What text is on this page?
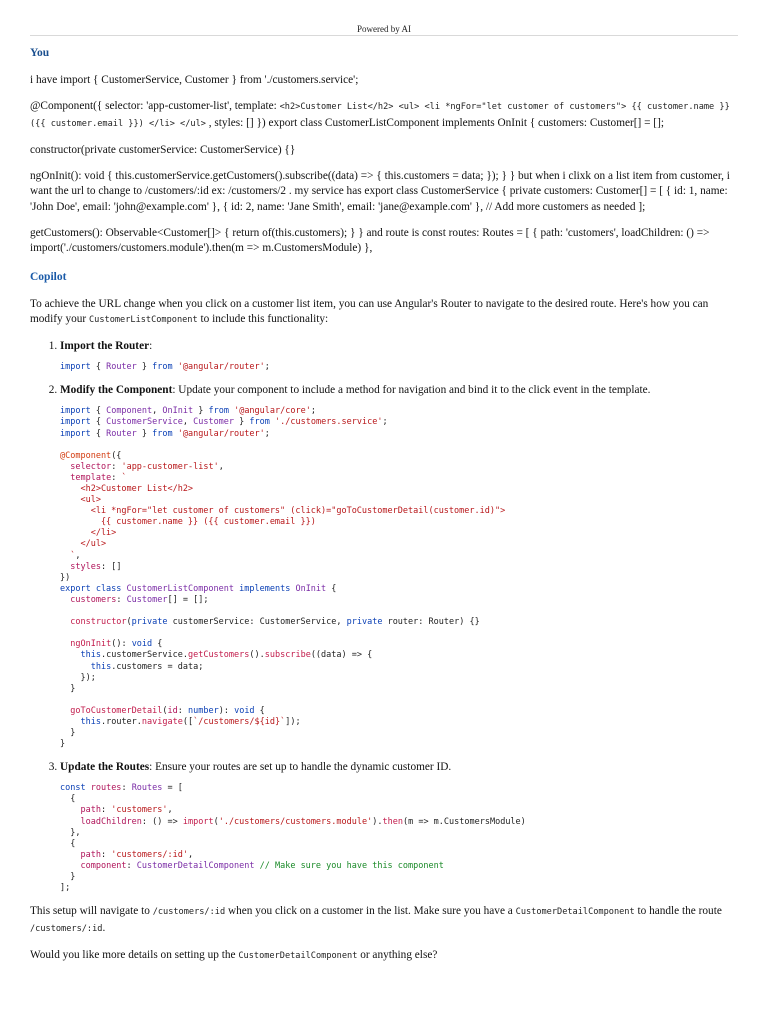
Powered by AI
You

i have import { CustomerService, Customer } from './customers.service';

@Component({ selector: 'app-customer-list', template: <h2>Customer List</h2> <ul> <li *ngFor="let customer of customers"> {{ customer.name }} ({{ customer.email }}) </li> </ul> , styles: [] }) export class CustomerListComponent implements OnInit { customers: Customer[] = [];

constructor(private customerService: CustomerService) {}

ngOnInit(): void { this.customerService.getCustomers().subscribe((data) => { this.customers = data; }); } } but when i clixk on a list item from customer, i want the url to change to /customers/:id ex: /customers/2 . my service has export class CustomerService { private customers: Customer[] = [ { id: 1, name: 'John Doe', email: 'john@example.com' }, { id: 2, name: 'Jane Smith', email: 'jane@example.com' }, // Add more customers as needed ];

getCustomers(): Observable<Customer[]> { return of(this.customers); } } and route is const routes: Routes = [ { path: 'customers', loadChildren: () => import('./customers/customers.module').then(m => m.CustomersModule) },

Copilot

To achieve the URL change when you click on a customer list item, you can use Angular's Router to navigate to the desired route. Here's how you can modify your CustomerListComponent to include this functionality:

1. Import the Router:
import { Router } from '@angular/router';
2. Modify the Component: Update your component to include a method for navigation and bind it to the click event in the template.
import { Component, OnInit } from '@angular/core';
import { CustomerService, Customer } from './customers.service';
import { Router } from '@angular/router';

@Component({
selector: 'app-customer-list',
template: `
<h2>Customer List</h2>
<ul>
<li *ngFor="let customer of customers" (click)="goToCustomerDetail(customer.id)">
{{ customer.name }} ({{ customer.email }})
</li>
</ul>
`,
styles: []
})
export class CustomerListComponent implements OnInit {
customers: Customer[] = [];

constructor(private customerService: CustomerService, private router: Router) {}

ngOnInit(): void {
this.customerService.getCustomers().subscribe((data) => {
this.customers = data;
});
}

goToCustomerDetail(id: number): void {
this.router.navigate([`/customers/${id}`]);
}
}
3. Update the Routes: Ensure your routes are set up to handle the dynamic customer ID.
const routes: Routes = [
{
path: 'customers',
loadChildren: () => import('./customers/customers.module').then(m => m.CustomersModule)
},
{
path: 'customers/:id',
component: CustomerDetailComponent // Make sure you have this component
}
];

This setup will navigate to /customers/:id when you click on a customer in the list. Make sure you have a CustomerDetailComponent to handle the route /customers/:id.

Would you like more details on setting up the CustomerDetailComponent or anything else?
